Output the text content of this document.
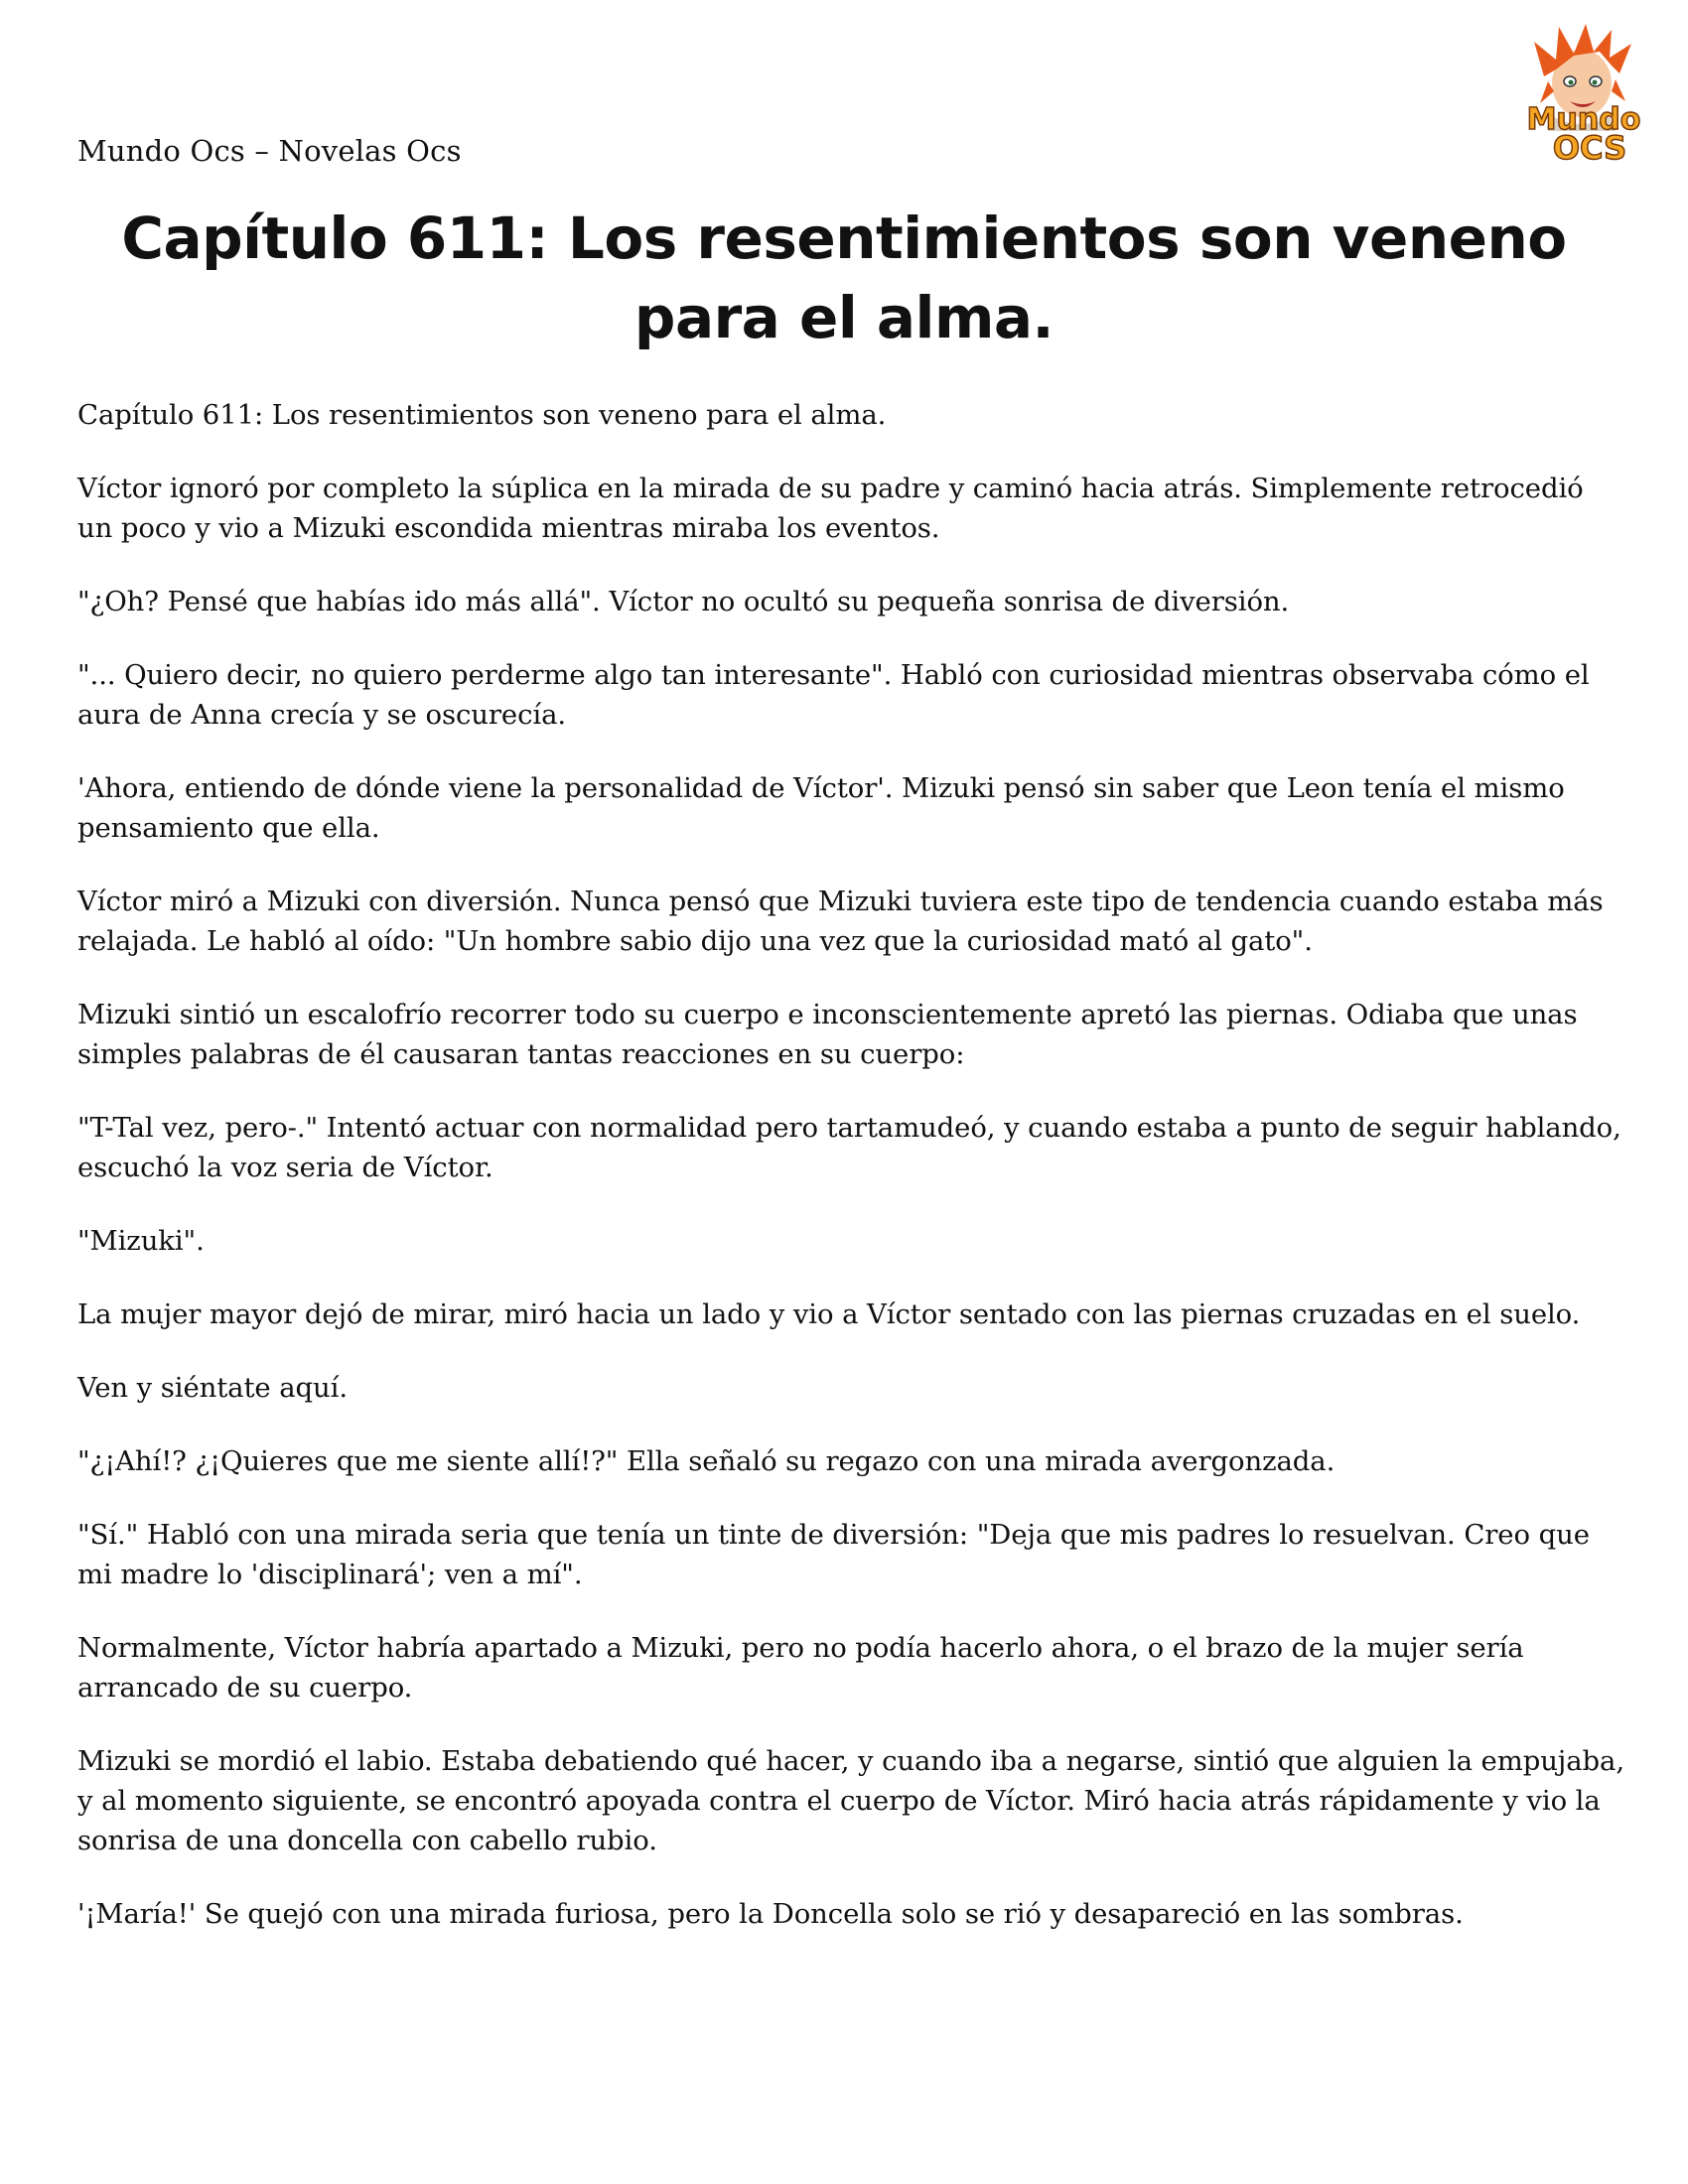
Mundo Ocs – Novelas Ocs
Mundo
OCS
Capítulo 611: Los resentimientos son veneno para el alma.

Capítulo 611: Los resentimientos son veneno para el alma.

Víctor ignoró por completo la súplica en la mirada de su padre y caminó hacia atrás. Simplemente retrocedió un poco y vio a Mizuki escondida mientras miraba los eventos.

"¿Oh? Pensé que habías ido más allá". Víctor no ocultó su pequeña sonrisa de diversión.

"... Quiero decir, no quiero perderme algo tan interesante". Habló con curiosidad mientras observaba cómo el aura de Anna crecía y se oscurecía.

'Ahora, entiendo de dónde viene la personalidad de Víctor'. Mizuki pensó sin saber que Leon tenía el mismo pensamiento que ella.

Víctor miró a Mizuki con diversión. Nunca pensó que Mizuki tuviera este tipo de tendencia cuando estaba más relajada. Le habló al oído: "Un hombre sabio dijo una vez que la curiosidad mató al gato".

Mizuki sintió un escalofrío recorrer todo su cuerpo e inconscientemente apretó las piernas. Odiaba que unas simples palabras de él causaran tantas reacciones en su cuerpo:

"T-Tal vez, pero-." Intentó actuar con normalidad pero tartamudeó, y cuando estaba a punto de seguir hablando, escuchó la voz seria de Víctor.

"Mizuki".

La mujer mayor dejó de mirar, miró hacia un lado y vio a Víctor sentado con las piernas cruzadas en el suelo.

Ven y siéntate aquí.

"¿¡Ahí!? ¿¡Quieres que me siente allí!?" Ella señaló su regazo con una mirada avergonzada.

"Sí." Habló con una mirada seria que tenía un tinte de diversión: "Deja que mis padres lo resuelvan. Creo que mi madre lo 'disciplinará'; ven a mí".

Normalmente, Víctor habría apartado a Mizuki, pero no podía hacerlo ahora, o el brazo de la mujer sería arrancado de su cuerpo.

Mizuki se mordió el labio. Estaba debatiendo qué hacer, y cuando iba a negarse, sintió que alguien la empujaba, y al momento siguiente, se encontró apoyada contra el cuerpo de Víctor. Miró hacia atrás rápidamente y vio la sonrisa de una doncella con cabello rubio.

'¡María!' Se quejó con una mirada furiosa, pero la Doncella solo se rió y desapareció en las sombras.
